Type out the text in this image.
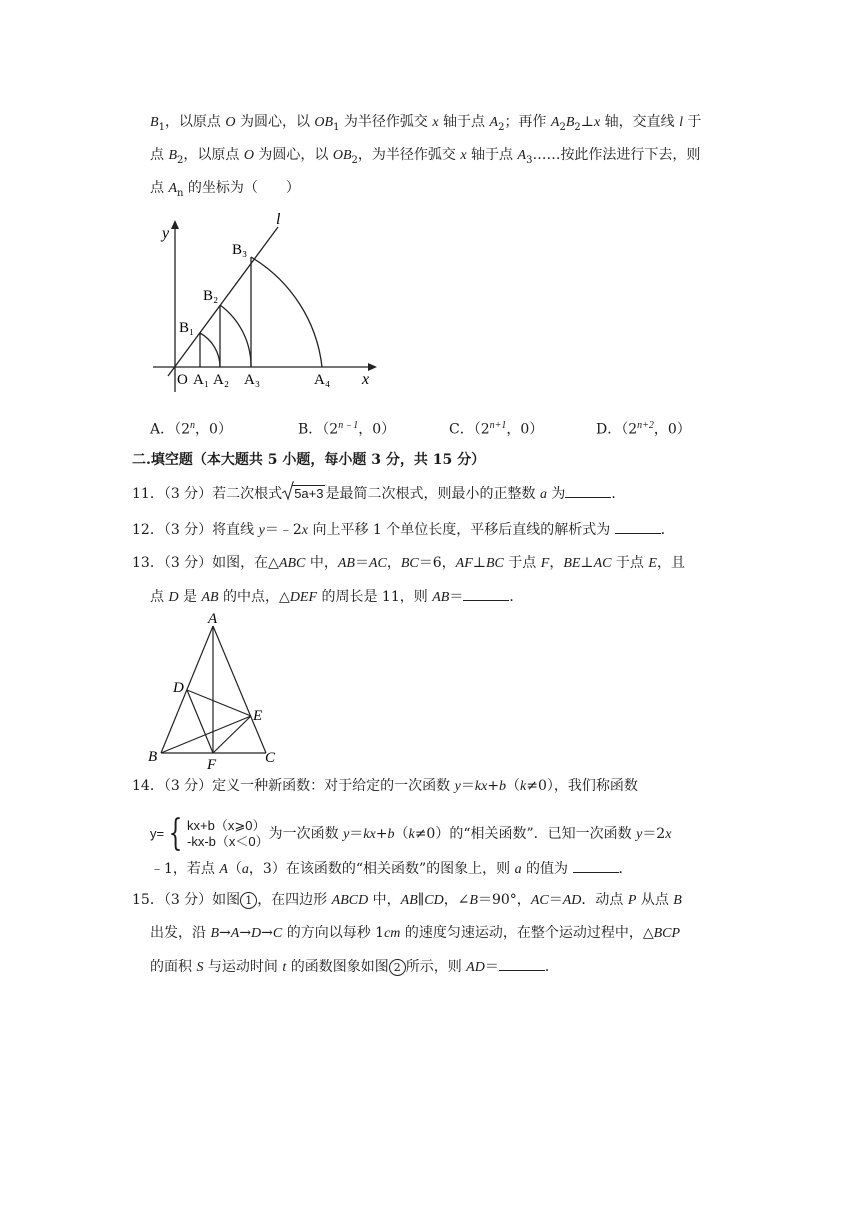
$B_1$，以原点 O 为圆心，以 $OB_1$ 为半径作弧交 x 轴于点 $A_2$；再作 $A_2B_2\perp x$ 轴，交直线 l 于
点 $B_2$，以原点 O 为圆心，以 $OB_2$，为半径作弧交 x 轴于点 $A_3\dots\dots$按此作法进行下去，则
点 $A_n$ 的坐标为（　　）
y
l
x
O A₁ A₂ A₃	A₄
B₁
B₂
B₃
A．（2$^n$，0）	B．（$2^{n﹣1}$，0）	C．（$2^{n+1}$，0）	D．（$2^{n+2}$，0）
二.填空题（本大题共 5 小题，每小题 3 分，共 15 分）
11．（3 分）若二次根式 5a+3 是最简二次根式，则最小的正整数 a 为	．
12．（3 分）将直线 y＝﹣2x 向上平移 1 个单位长度，平移后直线的解析式为	．
13．（3 分）如图，在△ABC 中，AB＝AC，BC＝6，AF⊥BC 于点 F，BE⊥AC 于点 E，且
点 D 是 AB 的中点，△DEF 的周长是 11，则 AB＝	．
A
B	C
D
E
F
14．（3 分）定义一种新函数：对于给定的一次函数 y＝kx+b（k≠0），我们称函数
y= { kx+b（x⩾0）
-kx-b（x＜0）为一次函数 y＝kx+b（k≠0）的“相关函数”．已知一次函数 y＝2x
﹣1，若点 A（a，3）在该函数的“相关函数”的图象上，则 a 的值为	．
15．（3 分）如图 1 ，在四边形 ABCD 中，AB∥CD，∠B＝90°，AC＝AD．动点 P 从点 B
出发，沿 B→A→D→C 的方向以每秒 1cm 的速度匀速运动，在整个运动过程中，△BCP
的面积 S 与运动时间 t 的函数图象如图 2 所示，则 AD＝	．
